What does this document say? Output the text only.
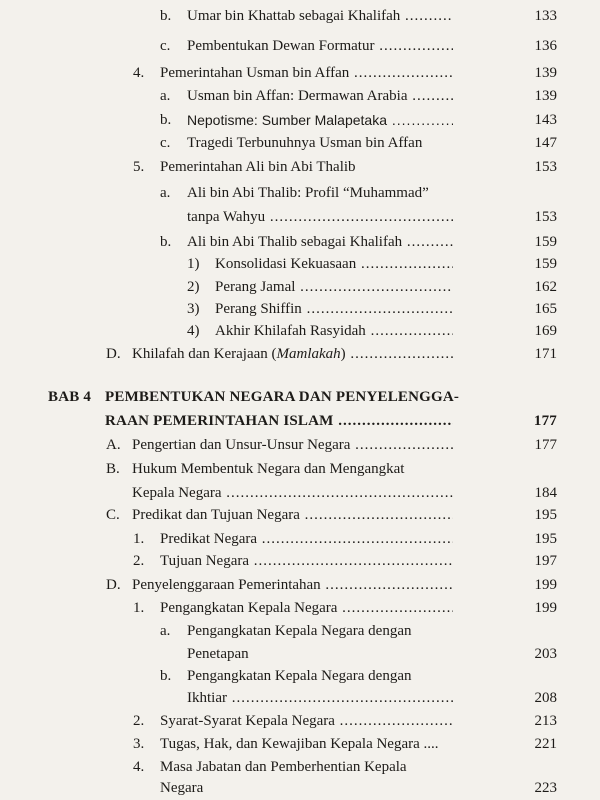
b. Umar bin Khattab sebagai Khalifah .....	133
c. Pembentukan Dewan Formatur .....	136
4. Pemerintahan Usman bin Affan .....	139
a. Usman bin Affan: Dermawan Arabia .....	139
b. Nepotisme: Sumber Malapetaka .....	143
c. Tragedi Terbunuhnya Usman bin Affan	147
5. Pemerintahan Ali bin Abi Thalib	153
a. Ali bin Abi Thalib: Profil “Muhammad”
tanpa Wahyu .....	153
b. Ali bin Abi Thalib sebagai Khalifah .....	159
1) Konsolidasi Kekuasaan .....	159
2) Perang Jamal .....	162
3) Perang Shiffin .....	165
4) Akhir Khilafah Rasyidah .....	169
D. Khilafah dan Kerajaan (Mamlakah) .....	171
BAB 4 PEMBENTUKAN NEGARA DAN PENYELENGGA-
RAAN PEMERINTAHAN ISLAM .....	177
A. Pengertian dan Unsur-Unsur Negara .....	177
B. Hukum Membentuk Negara dan Mengangkat
Kepala Negara .....	184
C. Predikat dan Tujuan Negara .....	195
1. Predikat Negara .....	195
2. Tujuan Negara .....	197
D. Penyelenggaraan Pemerintahan .....	199
1. Pengangkatan Kepala Negara .....	199
a. Pengangkatan Kepala Negara dengan
Penetapan	203
b. Pengangkatan Kepala Negara dengan
Ikhtiar .....	208
2. Syarat-Syarat Kepala Negara .....	213
3. Tugas, Hak, dan Kewajiban Kepala Negara ....	221
4. Masa Jabatan dan Pemberhentian Kepala
Negara	223
